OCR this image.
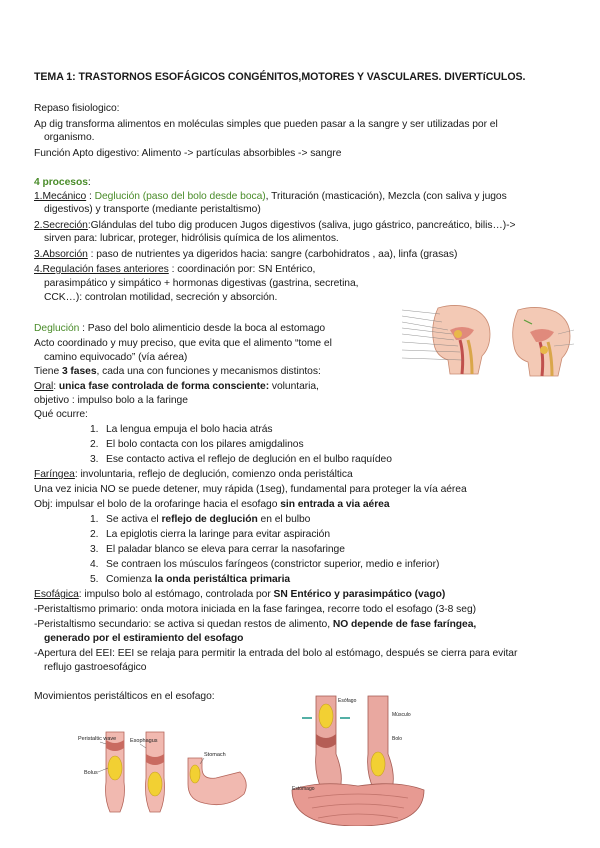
TEMA 1: TRASTORNOS ESOFÁGICOS CONGÉNITOS,MOTORES Y VASCULARES. DIVERTíCULOS.
Repaso fisiologico:
Ap dig transforma alimentos en moléculas simples que pueden pasar a la sangre y ser utilizadas por el
organismo.
Función Apto digestivo: Alimento -> partículas absorbibles -> sangre
4 procesos:
1.Mecánico : Deglución (paso del bolo desde boca), Trituración (masticación), Mezcla (con saliva y jugos
digestivos) y transporte (mediante peristaltismo)
2.Secreción:Glándulas del tubo dig producen Jugos digestivos (saliva, jugo gástrico, pancreático, bilis…)->
sirven para: lubricar, proteger, hidrólisis química de los alimentos.
3.Absorción : paso de nutrientes ya digeridos hacia: sangre (carbohidratos , aa), linfa (grasas)
4.Regulación fases anteriores : coordinación por: SN Entérico,
parasimpático y simpático + hormonas digestivas (gastrina, secretina,
CCK…): controlan motilidad, secreción y absorción.
Deglución : Paso del bolo alimenticio desde la boca al estomago
Acto coordinado y muy preciso, que evita que el alimento “tome el
camino equivocado” (vía aérea)
Tiene 3 fases, cada una con funciones y mecanismos distintos:
Oral: unica fase controlada de forma consciente: voluntaria,
objetivo : impulso bolo a la faringe
Qué ocurre:
1. La lengua empuja el bolo hacia atrás
2. El bolo contacta con los pilares amigdalinos
3. Ese contacto activa el reflejo de deglución en el bulbo raquídeo
Faríngea: involuntaria, reflejo de deglución, comienzo onda peristáltica
Una vez inicia NO se puede detener, muy rápida (1seg), fundamental para proteger la vía aérea
Obj: impulsar el bolo de la orofaringe hacia el esofago sin entrada a via aérea
1. Se activa el reflejo de deglución en el bulbo
2. La epiglotis cierra la laringe para evitar aspiración
3. El paladar blanco se eleva para cerrar la nasofaringe
4. Se contraen los músculos faríngeos (constrictor superior, medio e inferior)
5. Comienza la onda peristáltica primaria
Esofágica: impulso bolo al estómago, controlada por SN Entérico y parasimpático (vago)
-Peristaltismo primario: onda motora iniciada en la fase faringea, recorre todo el esofago (3-8 seg)
-Peristaltismo secundario: se activa si quedan restos de alimento, NO depende de fase faríngea,
generado por el estiramiento del esofago
-Apertura del EEI: EEI se relaja para permitir la entrada del bolo al estómago, después se cierra para evitar
reflujo gastroesofágico
Movimientos peristálticos en el esofago:
Peristaltic wave	Esophagus
Bolus
Stomach
Esófago
Músculo
Bolo
Estómago
